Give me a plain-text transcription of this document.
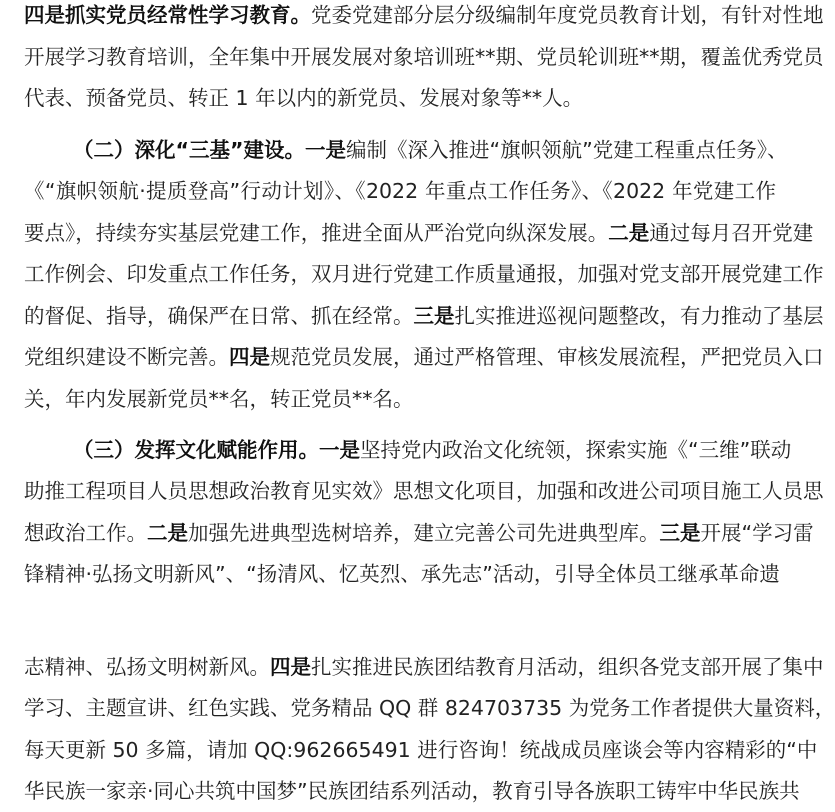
四是抓实党员经常性学习教育。党委党建部分层分级编制年度党员教育计划，有针对性地
开展学习教育培训，全年集中开展发展对象培训班**期、党员轮训班**期，覆盖优秀党员
代表、预备党员、转正 1 年以内的新党员、发展对象等**人。
（二）深化“三基”建设。一是编制《深入推进“旗帜领航”党建工程重点任务》、
《“旗帜领航·提质登高”行动计划》、《2022 年重点工作任务》、《2022 年党建工作
要点》，持续夯实基层党建工作，推进全面从严治党向纵深发展。二是通过每月召开党建
工作例会、印发重点工作任务，双月进行党建工作质量通报，加强对党支部开展党建工作
的督促、指导，确保严在日常、抓在经常。三是扎实推进巡视问题整改，有力推动了基层
党组织建设不断完善。四是规范党员发展，通过严格管理、审核发展流程，严把党员入口
关，年内发展新党员**名，转正党员**名。
（三）发挥文化赋能作用。一是坚持党内政治文化统领，探索实施《“三维”联动
助推工程项目人员思想政治教育见实效》思想文化项目，加强和改进公司项目施工人员思
想政治工作。二是加强先进典型选树培养，建立完善公司先进典型库。三是开展“学习雷
锋精神·弘扬文明新风”、“扬清风、忆英烈、承先志”活动，引导全体员工继承革命遗
志精神、弘扬文明树新风。四是扎实推进民族团结教育月活动，组织各党支部开展了集中
学习、主题宣讲、红色实践、党务精品 QQ 群 824703735 为党务工作者提供大量资料，
每天更新 50 多篇，请加 QQ:962665491 进行咨询！统战成员座谈会等内容精彩的“中
华民族一家亲·同心共筑中国梦”民族团结系列活动，教育引导各族职工铸牢中华民族共
